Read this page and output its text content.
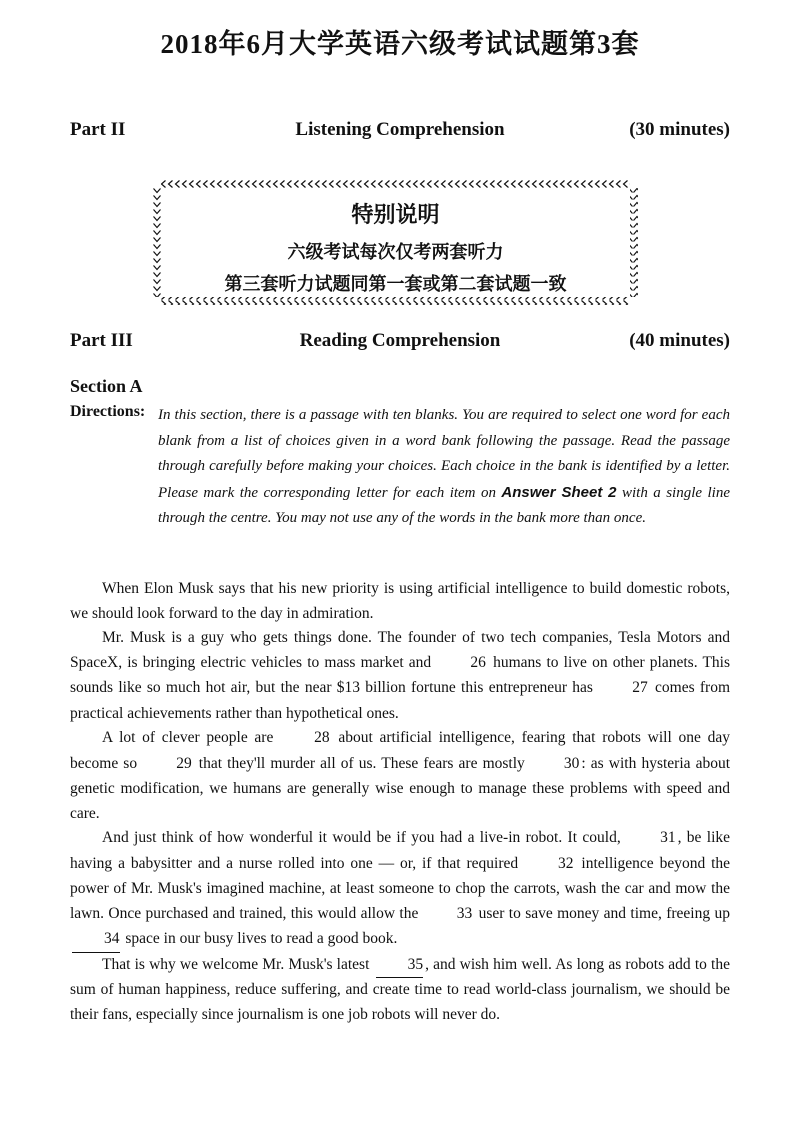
2018年6月大学英语六级考试试题第3套
Part II	Listening Comprehension	(30 minutes)
特别说明
六级考试每次仅考两套听力
第三套听力试题同第一套或第二套试题一致
Part III	Reading Comprehension	(40 minutes)
Section A
Directions: In this section, there is a passage with ten blanks. You are required to select one word for each blank from a list of choices given in a word bank following the passage. Read the passage through carefully before making your choices. Each choice in the bank is identified by a letter. Please mark the corresponding letter for each item on Answer Sheet 2 with a single line through the centre. You may not use any of the words in the bank more than once.

When Elon Musk says that his new priority is using artificial intelligence to build domestic robots, we should look forward to the day in admiration.

Mr. Musk is a guy who gets things done. The founder of two tech companies, Tesla Motors and SpaceX, is bringing electric vehicles to mass market and	26 humans to live on other planets. This sounds like so much hot air, but the near $13 billion fortune this entrepreneur has	27 comes from practical achievements rather than hypothetical ones.

A lot of clever people are	28 about artificial intelligence, fearing that robots will one day become so	29 that they'll murder all of us. These fears are mostly	30 : as with hysteria about genetic modification, we humans are generally wise enough to manage these problems with speed and care.

And just think of how wonderful it would be if you had a live-in robot. It could,	31 , be like having a babysitter and a nurse rolled into one — or, if that required	32 intelligence beyond the power of Mr. Musk's imagined machine, at least someone to chop the carrots, wash the car and mow the lawn. Once purchased and trained, this would allow the 33 user to save money and time, freeing up 34 space in our busy lives to read a good book.

That is why we welcome Mr. Musk's latest 35 , and wish him well. As long as robots add to the sum of human happiness, reduce suffering, and create time to read world-class journalism, we should be their fans, especially since journalism is one job robots will never do.
